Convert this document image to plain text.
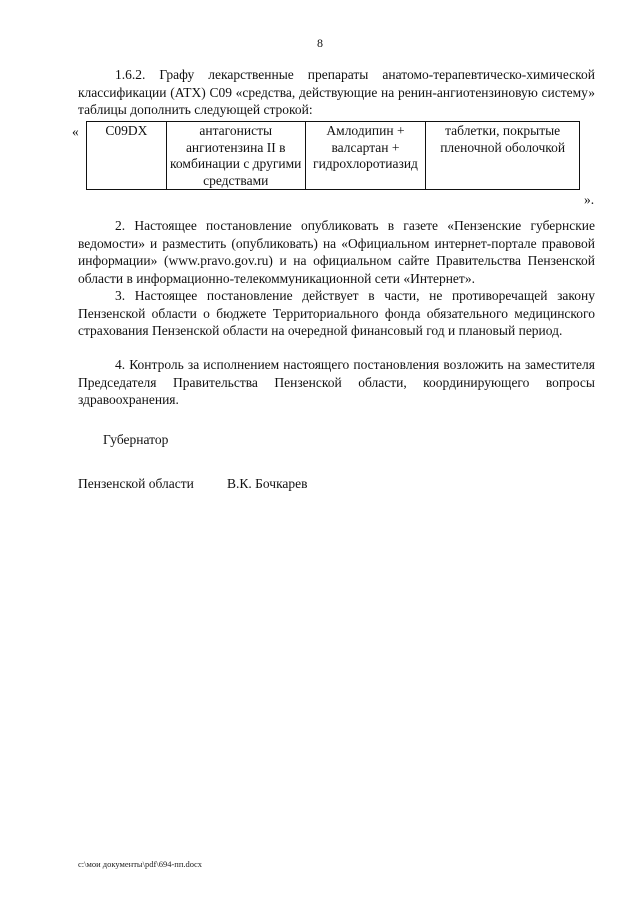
8

1.6.2. Графу лекарственные препараты анатомо-терапевтическо-химической классификации (АТХ) C09 «средства, действующие на ренин-ангиотензиновую систему» таблицы дополнить следующей строкой:

« C09DX	антагонисты ангиотензина II в комбинации с другими средствами	Амлодипин + валсартан + гидрохлоротиазид	таблетки, покрытые пленочной оболочкой
».

2. Настоящее постановление опубликовать в газете «Пензенские губернские ведомости» и разместить (опубликовать) на «Официальном интернет-портале правовой информации» (www.pravo.gov.ru) и на официальном сайте Правительства Пензенской области в информационно-телекоммуникационной сети «Интернет».

3. Настоящее постановление действует в части, не противоречащей закону Пензенской области о бюджете Территориального фонда обязательного медицинского страхования Пензенской области на очередной финансовый год и плановый период.

4. Контроль за исполнением настоящего постановления возложить на заместителя Председателя Правительства Пензенской области, координирующего вопросы здравоохранения.

Губернатор
Пензенской области В.К. Бочкарев
c:\мои документы\pdf\694-пп.docx
